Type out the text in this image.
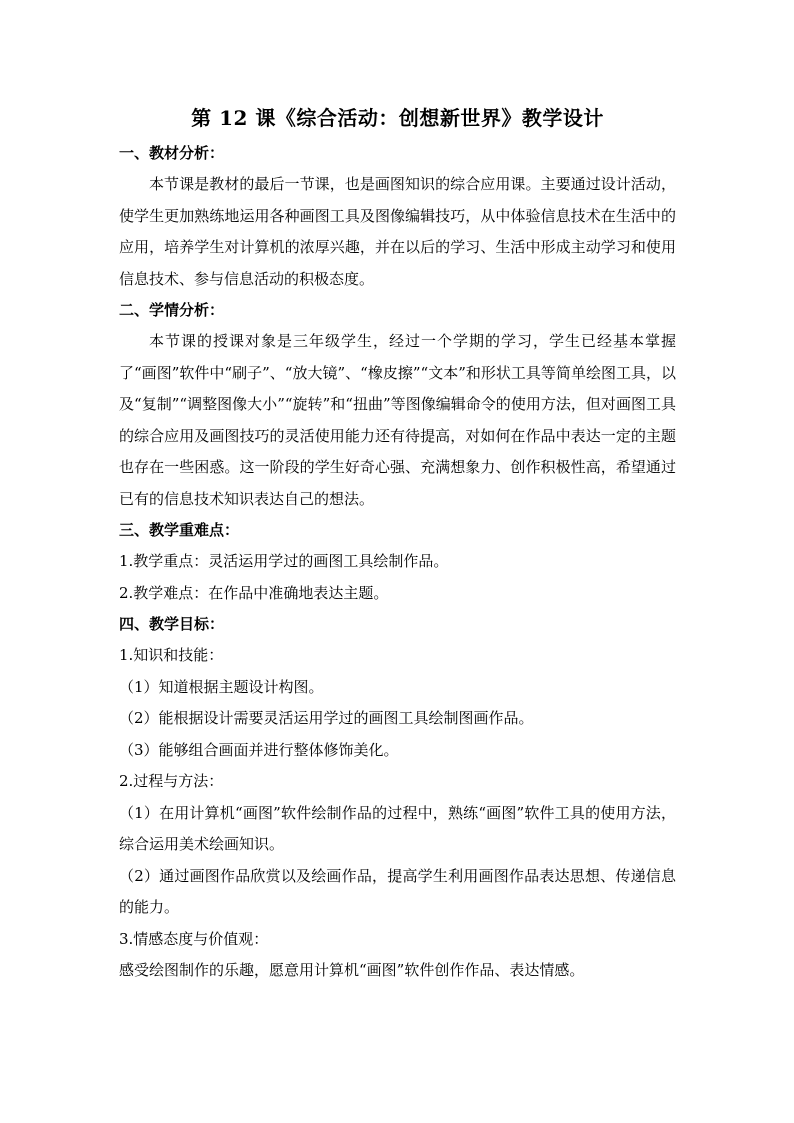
第 12 课《综合活动：创想新世界》教学设计
一、教材分析：

本节课是教材的最后一节课，也是画图知识的综合应用课。主要通过设计活动，使学生更加熟练地运用各种画图工具及图像编辑技巧，从中体验信息技术在生活中的应用，培养学生对计算机的浓厚兴趣，并在以后的学习、生活中形成主动学习和使用信息技术、参与信息活动的积极态度。

二、学情分析：

本节课的授课对象是三年级学生，经过一个学期的学习，学生已经基本掌握了“画图”软件中“刷子”、“放大镜”、“橡皮擦”“文本”和形状工具等简单绘图工具，以及“复制”“调整图像大小”“旋转”和“扭曲”等图像编辑命令的使用方法，但对画图工具的综合应用及画图技巧的灵活使用能力还有待提高，对如何在作品中表达一定的主题也存在一些困惑。这一阶段的学生好奇心强、充满想象力、创作积极性高，希望通过已有的信息技术知识表达自己的想法。

三、教学重难点：

1.教学重点：灵活运用学过的画图工具绘制作品。

2.教学难点：在作品中准确地表达主题。

四、教学目标：

1.知识和技能：

（1）知道根据主题设计构图。

（2）能根据设计需要灵活运用学过的画图工具绘制图画作品。

（3）能够组合画面并进行整体修饰美化。

2.过程与方法：

（1）在用计算机“画图”软件绘制作品的过程中，熟练“画图”软件工具的使用方法，综合运用美术绘画知识。

（2）通过画图作品欣赏以及绘画作品，提高学生利用画图作品表达思想、传递信息的能力。

3.情感态度与价值观：

感受绘图制作的乐趣，愿意用计算机“画图”软件创作作品、表达情感。
